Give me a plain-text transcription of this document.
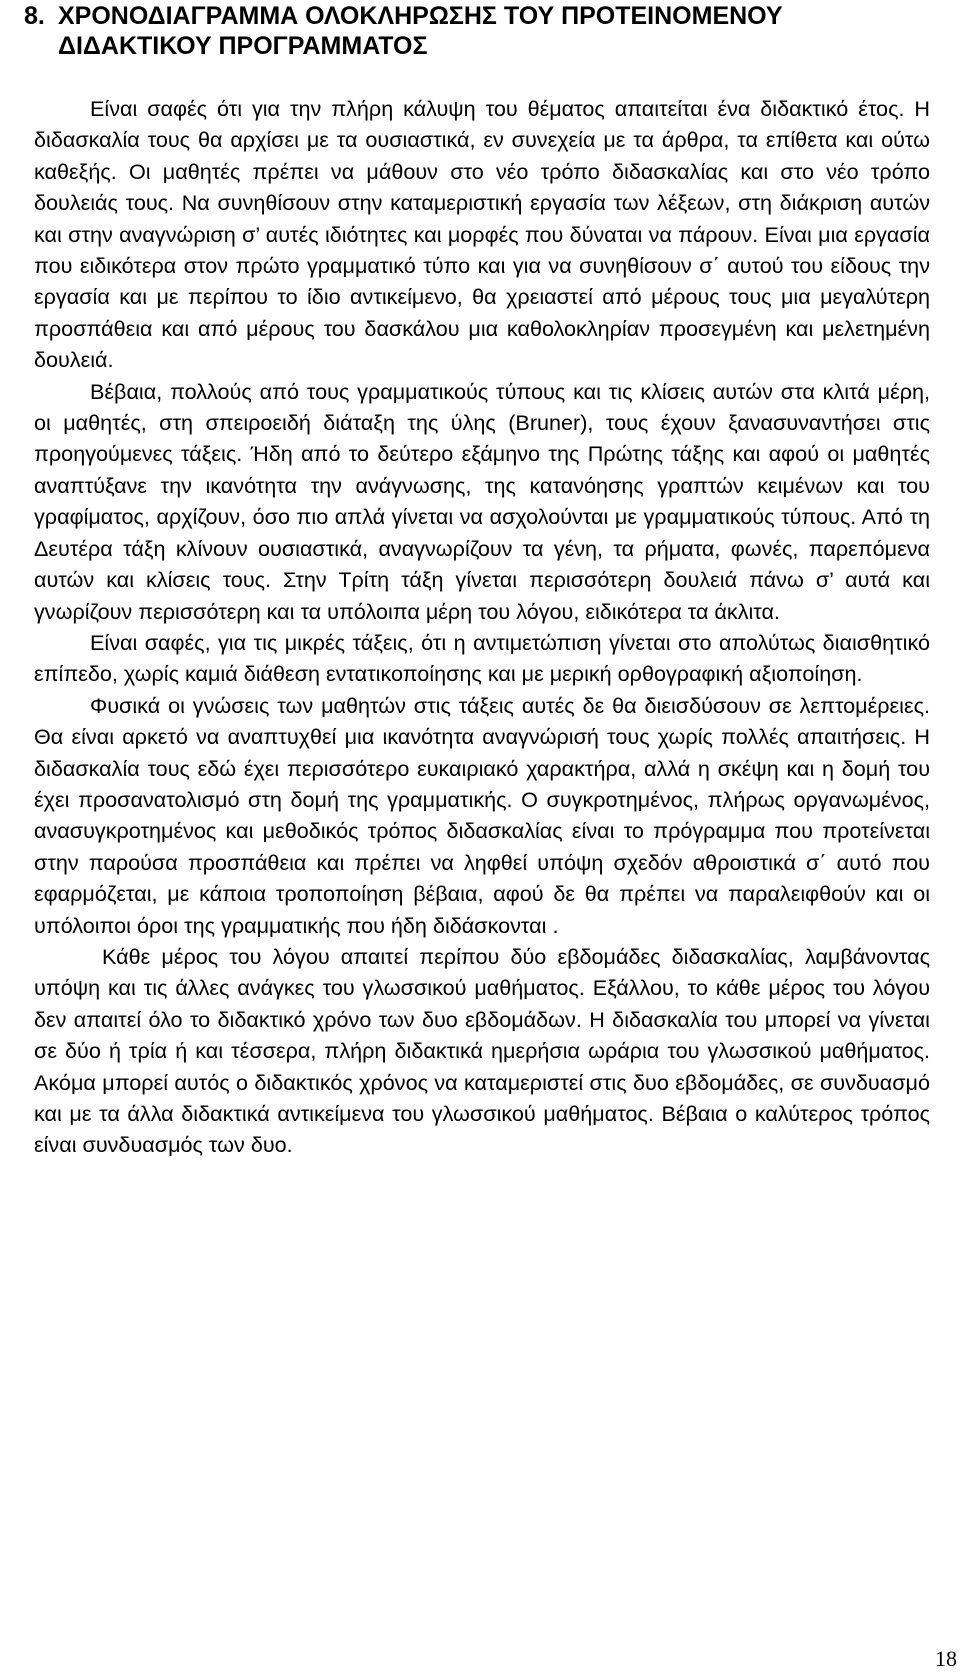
8. ΧΡΟΝΟΔΙΑΓΡΑΜΜΑ ΟΛΟΚΛΗΡΩΣΗΣ ΤΟΥ ΠΡΟΤΕΙΝΟΜΕΝΟΥ
ΔΙΔΑΚΤΙΚΟΥ ΠΡΟΓΡΑΜΜΑΤΟΣ

Είναι σαφές ότι για την πλήρη κάλυψη του θέματος απαιτείται ένα διδακτικό έτος. Η διδασκαλία τους θα αρχίσει με τα ουσιαστικά, εν συνεχεία με τα άρθρα, τα επίθετα και ούτω καθεξής. Οι μαθητές πρέπει να μάθουν στο νέο τρόπο διδασκαλίας και στο νέο τρόπο δουλειάς τους. Να συνηθίσουν στην καταμεριστική εργασία των λέξεων, στη διάκριση αυτών και στην αναγνώριση σ’ αυτές ιδιότητες και μορφές που δύναται να πάρουν. Είναι μια εργασία που ειδικότερα στον πρώτο γραμματικό τύπο και για να συνηθίσουν σ΄ αυτού του είδους την εργασία και με περίπου το ίδιο αντικείμενο, θα χρειαστεί από μέρους τους μια μεγαλύτερη προσπάθεια και από μέρους του δασκάλου μια καθολοκληρίαν προσεγμένη και μελετημένη δουλειά.

Βέβαια, πολλούς από τους γραμματικούς τύπους και τις κλίσεις αυτών στα κλιτά μέρη, οι μαθητές, στη σπειροειδή διάταξη της ύλης (Bruner), τους έχουν ξανασυναντήσει στις προηγούμενες τάξεις. Ήδη από το δεύτερο εξάμηνο της Πρώτης τάξης και αφού οι μαθητές αναπτύξανε την ικανότητα την ανάγνωσης, της κατανόησης γραπτών κειμένων και του γραφίματος, αρχίζουν, όσο πιο απλά γίνεται να ασχολούνται με γραμματικούς τύπους. Από τη Δευτέρα τάξη κλίνουν ουσιαστικά, αναγνωρίζουν τα γένη, τα ρήματα, φωνές, παρεπόμενα αυτών και κλίσεις τους. Στην Τρίτη τάξη γίνεται περισσότερη δουλειά πάνω σ’ αυτά και γνωρίζουν περισσότερη και τα υπόλοιπα μέρη του λόγου, ειδικότερα τα άκλιτα.

Είναι σαφές, για τις μικρές τάξεις, ότι η αντιμετώπιση γίνεται στο απολύτως διαισθητικό επίπεδο, χωρίς καμιά διάθεση εντατικοποίησης και με μερική ορθογραφική αξιοποίηση.

Φυσικά οι γνώσεις των μαθητών στις τάξεις αυτές δε θα διεισδύσουν σε λεπτομέρειες. Θα είναι αρκετό να αναπτυχθεί μια ικανότητα αναγνώρισή τους χωρίς πολλές απαιτήσεις. Η διδασκαλία τους εδώ έχει περισσότερο ευκαιριακό χαρακτήρα, αλλά η σκέψη και η δομή του έχει προσανατολισμό στη δομή της γραμματικής. Ο συγκροτημένος, πλήρως οργανωμένος, ανασυγκροτημένος και μεθοδικός τρόπος διδασκαλίας είναι το πρόγραμμα που προτείνεται στην παρούσα προσπάθεια και πρέπει να ληφθεί υπόψη σχεδόν αθροιστικά σ΄ αυτό που εφαρμόζεται, με κάποια τροποποίηση βέβαια, αφού δε θα πρέπει να παραλειφθούν και οι υπόλοιποι όροι της γραμματικής που ήδη διδάσκονται .

Κάθε μέρος του λόγου απαιτεί περίπου δύο εβδομάδες διδασκαλίας, λαμβάνοντας υπόψη και τις άλλες ανάγκες του γλωσσικού μαθήματος. Εξάλλου, το κάθε μέρος του λόγου δεν απαιτεί όλο το διδακτικό χρόνο των δυο εβδομάδων. Η διδασκαλία του μπορεί να γίνεται σε δύο ή τρία ή και τέσσερα, πλήρη διδακτικά ημερήσια ωράρια του γλωσσικού μαθήματος. Ακόμα μπορεί αυτός ο διδακτικός χρόνος να καταμεριστεί στις δυο εβδομάδες, σε συνδυασμό και με τα άλλα διδακτικά αντικείμενα του γλωσσικού μαθήματος. Βέβαια ο καλύτερος τρόπος είναι συνδυασμός των δυο.

18
